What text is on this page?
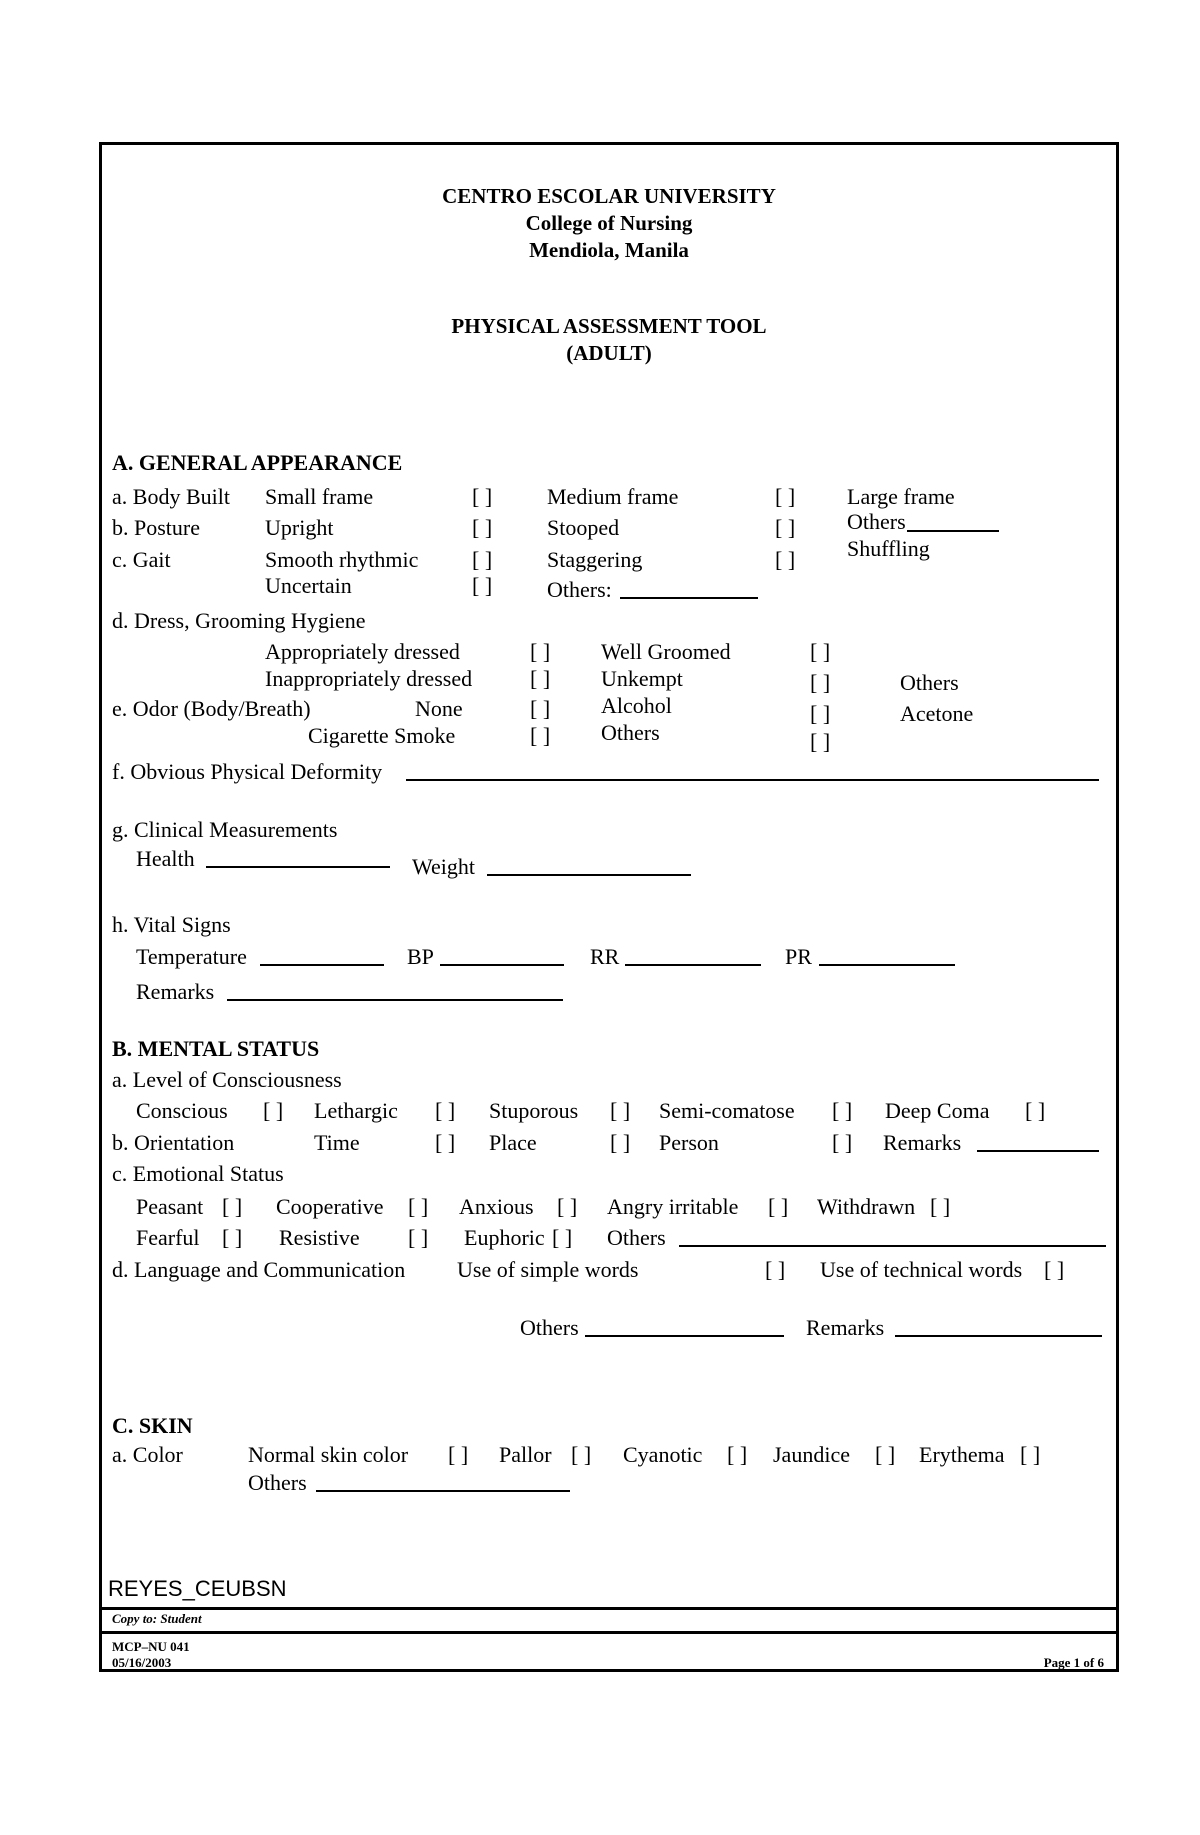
CENTRO ESCOLAR UNIVERSITY
College of Nursing
Mendiola, Manila
PHYSICAL ASSESSMENT TOOL
(ADULT)
A. GENERAL APPEARANCE
a. Body Built Small frame	[ ] Medium frame	[ ] Large frame
b. Posture	Upright	[ ] Stooped	[ ] Others
c. Gait	Smooth rhythmic [ ] Staggering	[ ] Shuffling
Uncertain	[ ] Others:
d. Dress, Grooming Hygiene
Appropriately dressed	[ ] Well Groomed	[ ]
Inappropriately dressed	[ ] Unkempt	[ ]	Others
e. Odor (Body/Breath)	None	[ ] Alcohol	[ ]	Acetone
Cigarette Smoke	[ ] Others	[ ]
f. Obvious Physical Deformity
g. Clinical Measurements
Health	Weight
h. Vital Signs
Temperature	BP	RR	PR
Remarks
B. MENTAL STATUS
a. Level of Consciousness
Conscious [ ] Lethargic [ ] Stuporous [ ] Semi-comatose [ ] Deep Coma [ ]
b. Orientation	Time	[ ] Place	[ ] Person	[ ] Remarks
c. Emotional Status
Peasant [ ] Cooperative [ ] Anxious [ ] Angry irritable [ ] Withdrawn [ ]
Fearful [ ] Resistive [ ] Euphoric [ ] Others
d. Language and Communication Use of simple words	[ ] Use of technical words [ ]
Others	Remarks
C. SKIN
a. Color	Normal skin color [ ] Pallor [ ] Cyanotic [ ] Jaundice [ ] Erythema [ ]
Others
REYES_CEUBSN
Copy to: Student
MCP–NU 041
05/16/2003	Page 1 of 6
